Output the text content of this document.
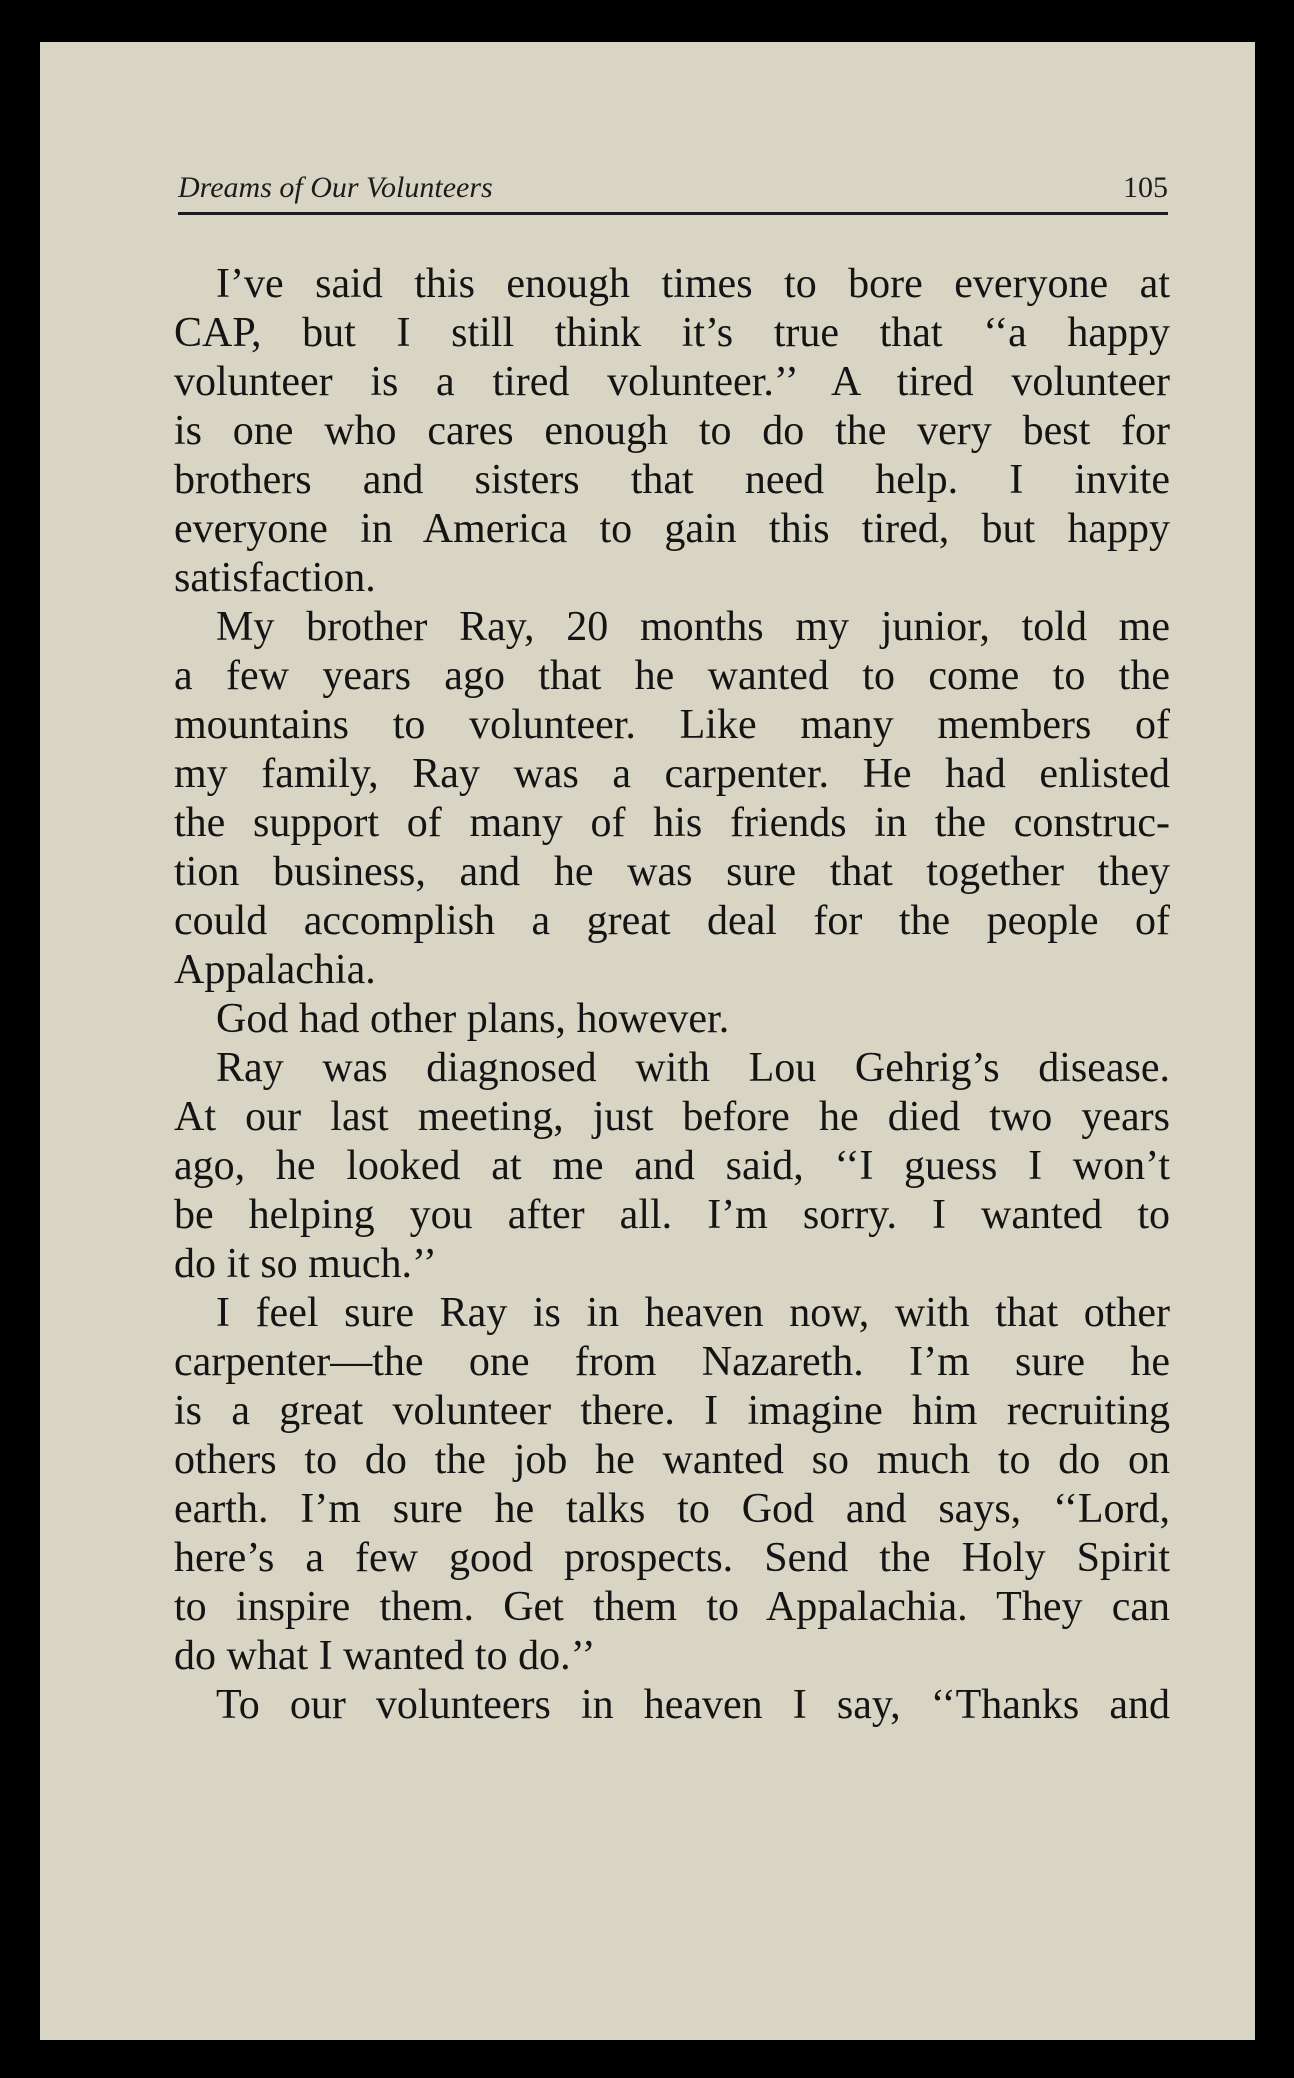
Dreams of Our Volunteers	105
I’ve said this enough times to bore everyone at
CAP, but I still think it’s true that ‘‘a happy
volunteer is a tired volunteer.’’ A tired volunteer
is one who cares enough to do the very best for
brothers and sisters that need help. I invite
everyone in America to gain this tired, but happy
satisfaction.
My brother Ray, 20 months my junior, told me
a few years ago that he wanted to come to the
mountains to volunteer. Like many members of
my family, Ray was a carpenter. He had enlisted
the support of many of his friends in the construc-
tion business, and he was sure that together they
could accomplish a great deal for the people of
Appalachia.
God had other plans, however.
Ray was diagnosed with Lou Gehrig’s disease.
At our last meeting, just before he died two years
ago, he looked at me and said, ‘‘I guess I won’t
be helping you after all. I’m sorry. I wanted to
do it so much.’’
I feel sure Ray is in heaven now, with that other
carpenter—the one from Nazareth. I’m sure he
is a great volunteer there. I imagine him recruiting
others to do the job he wanted so much to do on
earth. I’m sure he talks to God and says, ‘‘Lord,
here’s a few good prospects. Send the Holy Spirit
to inspire them. Get them to Appalachia. They can
do what I wanted to do.’’
To our volunteers in heaven I say, ‘‘Thanks and
